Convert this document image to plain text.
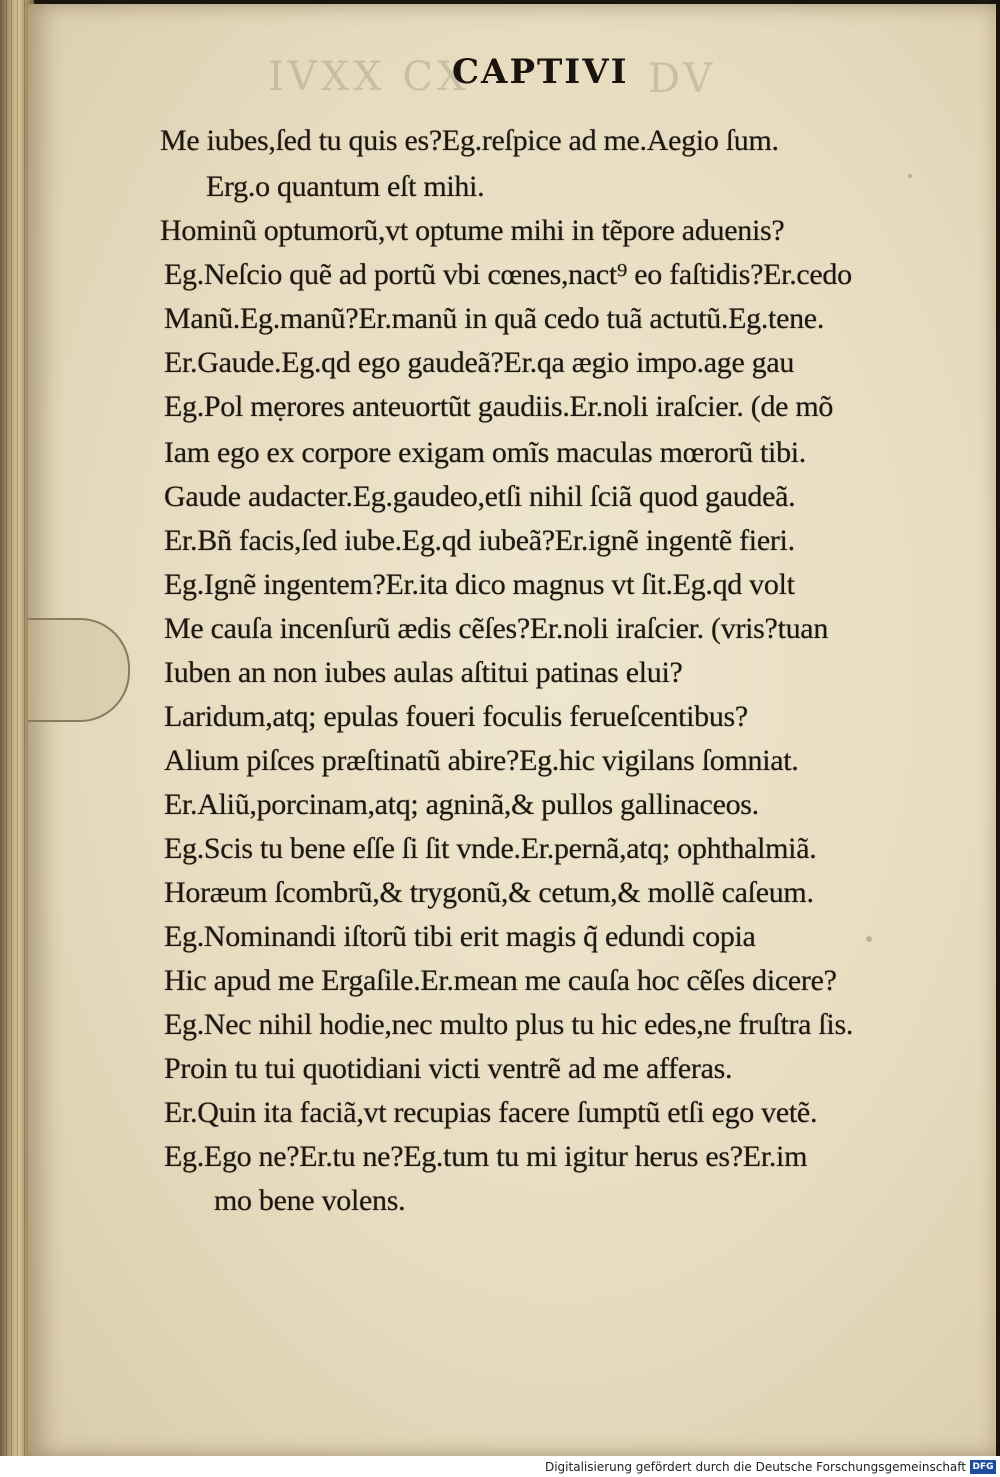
IVXX CX	DV
CAPTIVI
Me iubes,ſed tu quis es?Eg.reſpice ad me.Aegio ſum.
Erg.o quantum eſt mihi.
Hominũ optumorũ,vt optume mihi in tẽpore aduenis?
Eg.Neſcio quẽ ad portũ vbi cœnes,nact⁹ eo faſtidis?Er.cedo
Manũ.Eg.manũ?Er.manũ in quã cedo tuã actutũ.Eg.tene.
Er.Gaude.Eg.qd ego gaudeã?Er.qa ægio impo.age gau
Eg.Pol mẹrores anteuortũt gaudiis.Er.noli iraſcier. (de mõ
Iam ego ex corpore exigam omĩs maculas mœrorũ tibi.
Gaude audacter.Eg.gaudeo,etſi nihil ſciã quod gaudeã.
Er.Bñ facis,ſed iube.Eg.qd iubeã?Er.ignẽ ingentẽ fieri.
Eg.Ignẽ ingentem?Er.ita dico magnus vt ſit.Eg.qd volt
Me cauſa incenſurũ ædis cẽſes?Er.noli iraſcier. (vris?tuan
Iuben an non iubes aulas aſtitui patinas elui?
Laridum,atq; epulas foueri foculis ferueſcentibus?
Alium piſces præſtinatũ abire?Eg.hic vigilans ſomniat.
Er.Aliũ,porcinam,atq; agninã,& pullos gallinaceos.
Eg.Scis tu bene eſſe ſi ſit vnde.Er.pernã,atq; ophthalmiã.
Horæum ſcombrũ,& trygonũ,& cetum,& mollẽ caſeum.
Eg.Nominandi iſtorũ tibi erit magis q̃ edundi copia
Hic apud me Ergaſile.Er.mean me cauſa hoc cẽſes dicere?
Eg.Nec nihil hodie,nec multo plus tu hic edes,ne fruſtra ſis.
Proin tu tui quotidiani victi ventrẽ ad me afferas.
Er.Quin ita faciã,vt recupias facere ſumptũ etſi ego vetẽ.
Eg.Ego ne?Er.tu ne?Eg.tum tu mi igitur herus es?Er.im
mo bene volens.
Digitalisierung gefördert durch die Deutsche Forschungsgemeinschaft DFG
